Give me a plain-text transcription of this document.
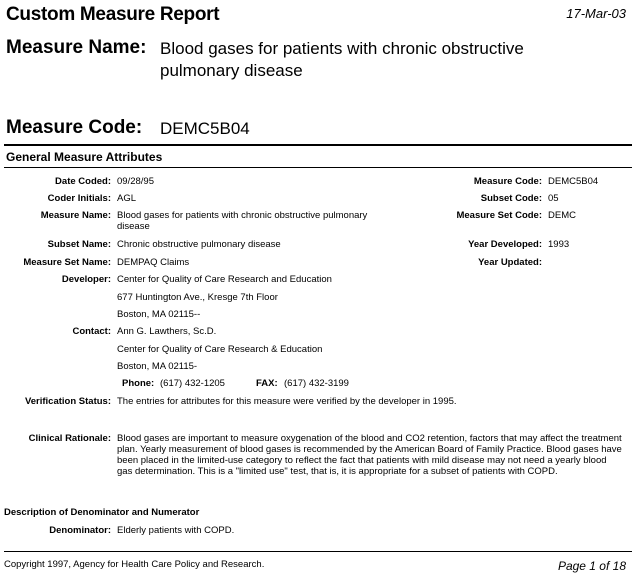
Custom Measure Report	17-Mar-03
Measure Name: Blood gases for patients with chronic obstructive
pulmonary disease
Measure Code: DEMC5B04
General Measure Attributes
Date Coded: 09/28/95
Coder Initials: AGL
Measure Name: Blood gases for patients with chronic obstructive pulmonary
disease
Subset Name: Chronic obstructive pulmonary disease
Measure Set Name: DEMPAQ Claims
Developer: Center for Quality of Care Research and Education
677 Huntington Ave., Kresge 7th Floor
Boston, MA 02115--
Contact: Ann G. Lawthers, Sc.D.
Center for Quality of Care Research & Education
Boston, MA 02115-
Phone: (617) 432-1205	FAX: (617) 432-3199
Verification Status: The entries for attributes for this measure were verified by the developer in 1995.
Clinical Rationale: Blood gases are important to measure oxygenation of the blood and CO2 retention, factors that may affect the treatment plan. Yearly measurement of blood gases is recommended by the American Board of Family Practice. Blood gases have been placed in the limited-use category to reflect the fact that patients with mild disease may not need a yearly blood gas determination. This is a "limited use" test, that is, it is appropriate for a subset of patients with COPD.
Measure Code: DEMC5B04
Subset Code: 05
Measure Set Code: DEMC
Year Developed: 1993
Year Updated:
Description of Denominator and Numerator
Denominator: Elderly patients with COPD.
Copyright 1997, Agency for Health Care Policy and Research.	Page 1 of 18
